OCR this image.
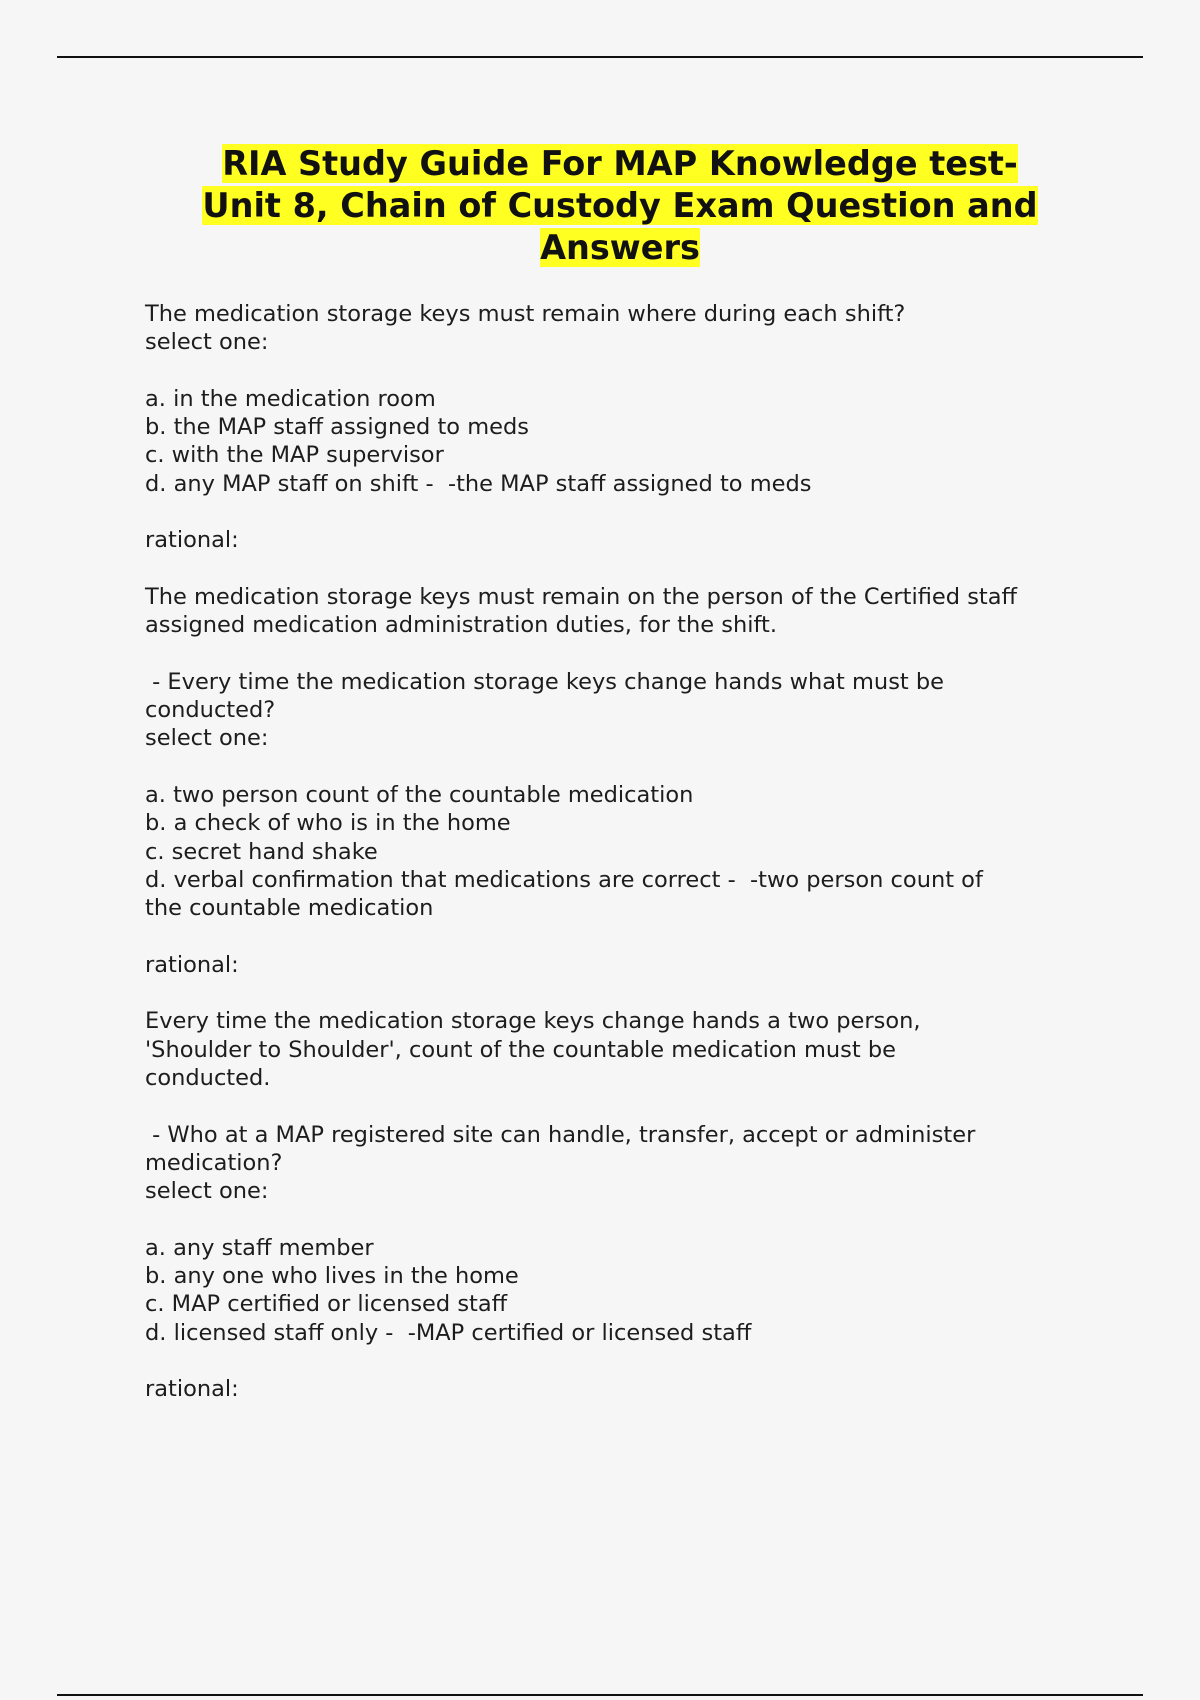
RIA Study Guide For MAP Knowledge test-
Unit 8, Chain of Custody Exam Question and
Answers
The medication storage keys must remain where during each shift?
select one:
a. in the medication room
b. the MAP staff assigned to meds
c. with the MAP supervisor
d. any MAP staff on shift -  -the MAP staff assigned to meds
rational:
The medication storage keys must remain on the person of the Certified staff
assigned medication administration duties, for the shift.
- Every time the medication storage keys change hands what must be
conducted?
select one:
a. two person count of the countable medication
b. a check of who is in the home
c. secret hand shake
d. verbal confirmation that medications are correct -  -two person count of
the countable medication
rational:
Every time the medication storage keys change hands a two person,
'Shoulder to Shoulder', count of the countable medication must be
conducted.
- Who at a MAP registered site can handle, transfer, accept or administer
medication?
select one:
a. any staff member
b. any one who lives in the home
c. MAP certified or licensed staff
d. licensed staff only -  -MAP certified or licensed staff
rational:
